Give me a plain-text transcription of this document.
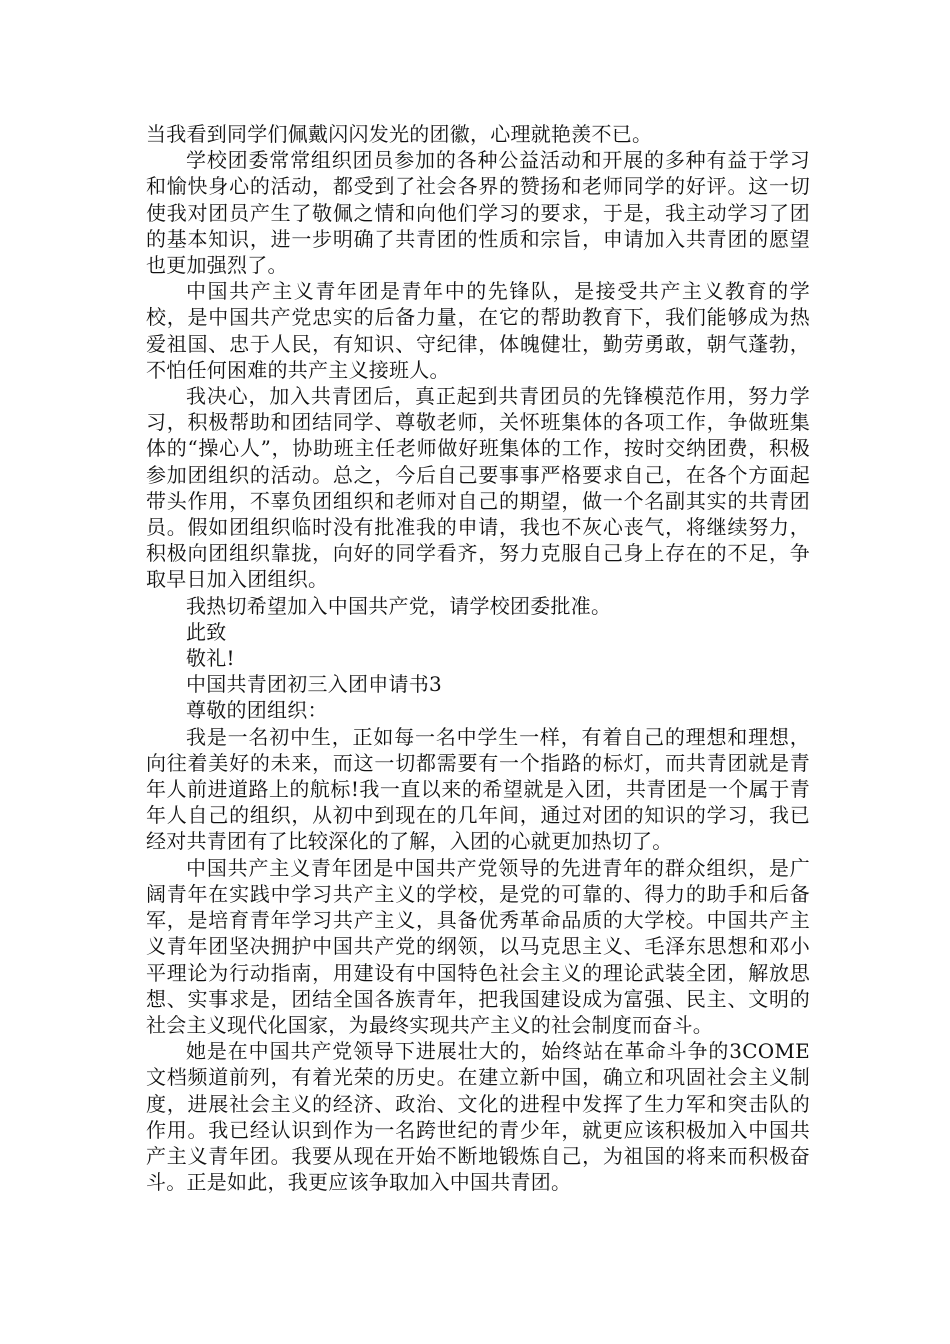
当我看到同学们佩戴闪闪发光的团徽，心理就艳羡不已。

学校团委常常组织团员参加的各种公益活动和开展的多种有益于学习和愉快身心的活动，都受到了社会各界的赞扬和老师同学的好评。这一切使我对团员产生了敬佩之情和向他们学习的要求，于是，我主动学习了团的基本知识，进一步明确了共青团的性质和宗旨，申请加入共青团的愿望也更加强烈了。

中国共产主义青年团是青年中的先锋队，是接受共产主义教育的学校，是中国共产党忠实的后备力量，在它的帮助教育下，我们能够成为热爱祖国、忠于人民，有知识、守纪律，体魄健壮，勤劳勇敢，朝气蓬勃，不怕任何困难的共产主义接班人。

我决心，加入共青团后，真正起到共青团员的先锋模范作用，努力学习，积极帮助和团结同学、尊敬老师，关怀班集体的各项工作，争做班集体的“操心人”，协助班主任老师做好班集体的工作，按时交纳团费，积极参加团组织的活动。总之，今后自己要事事严格要求自己，在各个方面起带头作用，不辜负团组织和老师对自己的期望，做一个名副其实的共青团员。假如团组织临时没有批准我的申请，我也不灰心丧气，将继续努力，积极向团组织靠拢，向好的同学看齐，努力克服自己身上存在的不足，争取早日加入团组织。

我热切希望加入中国共产党，请学校团委批准。

此致

敬礼!

中国共青团初三入团申请书3

尊敬的团组织：

我是一名初中生，正如每一名中学生一样，有着自己的理想和理想，向往着美好的未来，而这一切都需要有一个指路的标灯，而共青团就是青年人前进道路上的航标!我一直以来的希望就是入团，共青团是一个属于青年人自己的组织，从初中到现在的几年间，通过对团的知识的学习，我已经对共青团有了比较深化的了解，入团的心就更加热切了。

中国共产主义青年团是中国共产党领导的先进青年的群众组织，是广阔青年在实践中学习共产主义的学校，是党的可靠的、得力的助手和后备军，是培育青年学习共产主义，具备优秀革命品质的大学校。中国共产主义青年团坚决拥护中国共产党的纲领，以马克思主义、毛泽东思想和邓小平理论为行动指南，用建设有中国特色社会主义的理论武装全团，解放思想、实事求是，团结全国各族青年，把我国建设成为富强、民主、文明的社会主义现代化国家，为最终实现共产主义的社会制度而奋斗。

她是在中国共产党领导下进展壮大的，始终站在革命斗争的3COME文档频道前列，有着光荣的历史。在建立新中国，确立和巩固社会主义制度，进展社会主义的经济、政治、文化的进程中发挥了生力军和突击队的作用。我已经认识到作为一名跨世纪的青少年，就更应该积极加入中国共产主义青年团。我要从现在开始不断地锻炼自己，为祖国的将来而积极奋斗。正是如此，我更应该争取加入中国共青团。
